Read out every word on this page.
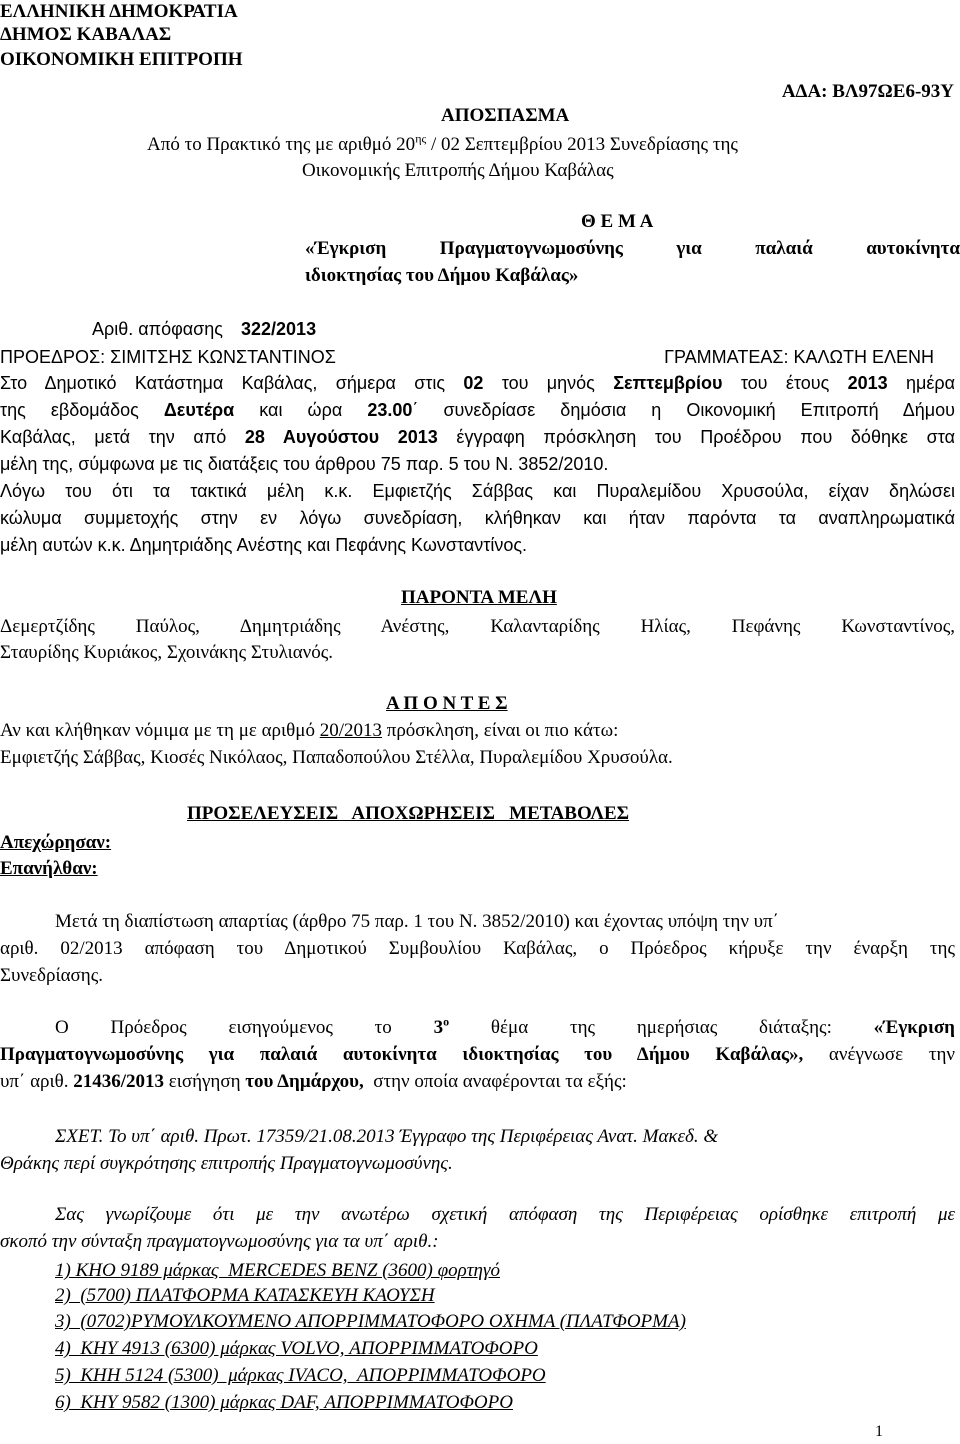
ΕΛΛΗΝΙΚΗ ΔΗΜΟΚΡΑΤΙΑ
ΔΗΜΟΣ ΚΑΒΑΛΑΣ
ΟΙΚΟΝΟΜΙΚΗ ΕΠΙΤΡΟΠΗ
ΑΔΑ: ΒΛ97ΩΕ6-93Υ
ΑΠΟΣΠΑΣΜΑ
Από το Πρακτικό της με αριθμό $20^{\eta\varsigma} / 02$ Σεπτεμβρίου 2013 Συνεδρίασης της
Οικονομικής Επιτροπής Δήμου Καβάλας
Θ Ε Μ Α
«Έγκριση Πραγματογνωμοσύνης για παλαιά αυτοκίνητα
ιδιοκτησίας του Δήμου Καβάλας»
Αριθ. απόφασης 322/2013
ΠΡΟΕΔΡΟΣ: ΣΙΜΙΤΣΗΣ ΚΩΝΣΤΑΝΤΙΝΟΣ	ΓΡΑΜΜΑΤΕΑΣ: ΚΑΛΩΤΗ ΕΛΕΝΗ
Στο Δημοτικό Κατάστημα Καβάλας, σήμερα στις 02 του μηνός Σεπτεμβρίου του έτους 2013 ημέρα
της εβδομάδος Δευτέρα και ώρα 23.00΄ συνεδρίασε δημόσια η Οικονομική Επιτροπή Δήμου
Καβάλας, μετά την από 28 Αυγούστου 2013 έγγραφη πρόσκληση του Προέδρου που δόθηκε στα
μέλη της, σύμφωνα με τις διατάξεις του άρθρου 75 παρ. 5 του Ν. 3852/2010.
Λόγω του ότι τα τακτικά μέλη κ.κ. Εμφιετζής Σάββας και Πυραλεμίδου Χρυσούλα, είχαν δηλώσει
κώλυμα συμμετοχής στην εν λόγω συνεδρίαση, κλήθηκαν και ήταν παρόντα τα αναπληρωματικά
μέλη αυτών κ.κ. Δημητριάδης Ανέστης και Πεφάνης Κωνσταντίνος.
ΠΑΡΟΝΤΑ ΜΕΛΗ
Δεμερτζίδης Παύλος, Δημητριάδης Ανέστης, Καλανταρίδης Ηλίας, Πεφάνης Κωνσταντίνος,
Σταυρίδης Κυριάκος, Σχοινάκης Στυλιανός.
Α Π Ο Ν Τ Ε Σ
Αν και κλήθηκαν νόμιμα με τη με αριθμό 20/2013 πρόσκληση, είναι οι πιο κάτω:
Εμφιετζής Σάββας, Κιοσές Νικόλαος, Παπαδοπούλου Στέλλα, Πυραλεμίδου Χρυσούλα.
ΠΡΟΣΕΛΕΥΣΕΙΣ   ΑΠΟΧΩΡΗΣΕΙΣ   ΜΕΤΑΒΟΛΕΣ
Απεχώρησαν:
Επανήλθαν:
Μετά τη διαπίστωση απαρτίας (άρθρο 75 παρ. 1 του Ν. 3852/2010) και έχοντας υπόψη την υπ΄
αριθ. 02/2013 απόφαση του Δημοτικού Συμβουλίου Καβάλας, ο Πρόεδρος κήρυξε την έναρξη της
Συνεδρίασης.
Ο  Πρόεδρος  εισηγούμενος  το  $3^o$  θέμα  της  ημερήσιας  διάταξης:  «Έγκριση
Πραγματογνωμοσύνης για παλαιά αυτοκίνητα ιδιοκτησίας του Δήμου Καβάλας», ανέγνωσε την
υπ΄ αριθ. 21436/2013 εισήγηση του Δημάρχου,  στην οποία αναφέρονται τα εξής:
ΣΧΕΤ. Το υπ΄ αριθ. Πρωτ. 17359/21.08.2013 Έγγραφο της Περιφέρειας Ανατ. Μακεδ. &
Θράκης περί συγκρότησης επιτροπής Πραγματογνωμοσύνης.
Σας γνωρίζουμε ότι με την ανωτέρω σχετική απόφαση της Περιφέρειας ορίσθηκε επιτροπή με
σκοπό την σύνταξη πραγματογνωμοσύνης για τα υπ΄ αριθ.:
1) ΚΗΟ 9189 μάρκας  MERCEDES BENZ (3600) φορτηγό
2)  (5700) ΠΛΑΤΦΟΡΜΑ ΚΑΤΑΣΚΕΥΗ ΚΑΟΥΣΗ
3)  (0702)ΡΥΜΟΥΛΚΟΥΜΕΝΟ ΑΠΟΡΡΙΜΜΑΤΟΦΟΡΟ ΟΧΗΜΑ (ΠΛΑΤΦΟΡΜΑ)
4)  ΚΗΥ 4913 (6300) μάρκας VOLVO, ΑΠΟΡΡΙΜΜΑΤΟΦΟΡΟ
5)  ΚΗΗ 5124 (5300)  μάρκας IVACO,  ΑΠΟΡΡΙΜΜΑΤΟΦΟΡΟ
6)  ΚΗΥ 9582 (1300) μάρκας DAF, ΑΠΟΡΡΙΜΜΑΤΟΦΟΡΟ
1
